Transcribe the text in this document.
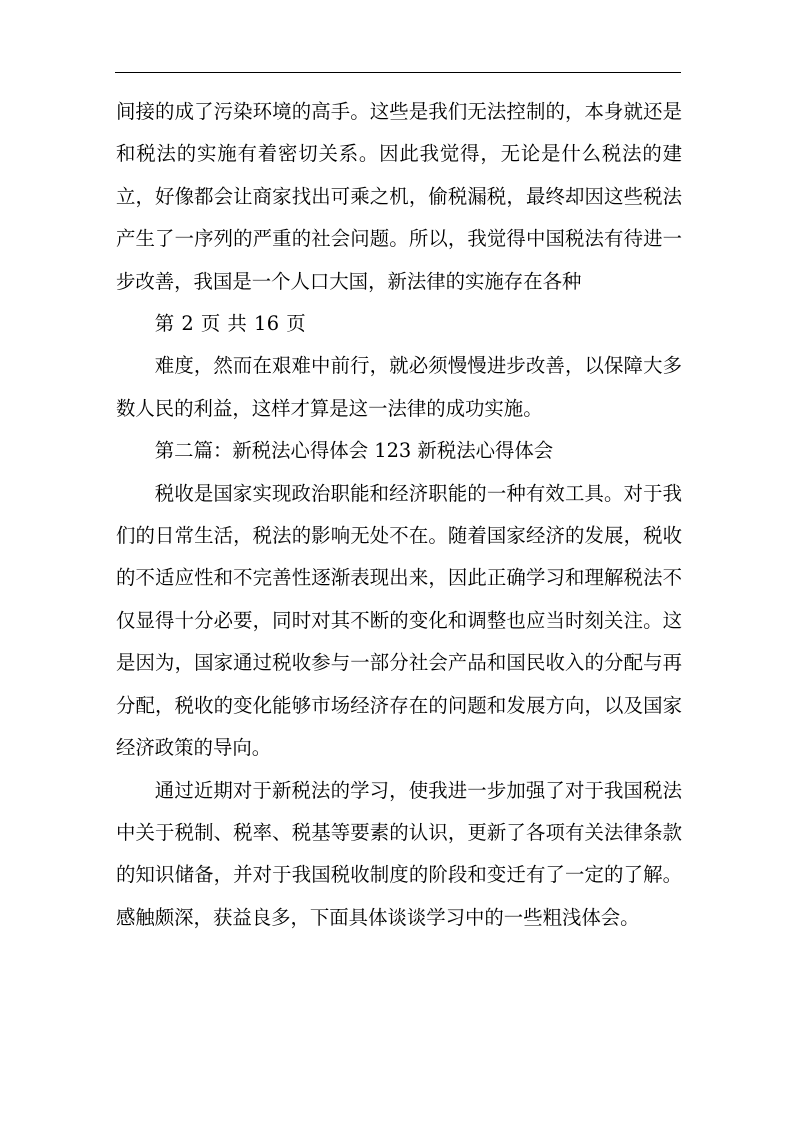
间接的成了污染环境的高手。这些是我们无法控制的，本身就还是和税法的实施有着密切关系。因此我觉得，无论是什么税法的建立，好像都会让商家找出可乘之机，偷税漏税，最终却因这些税法产生了一序列的严重的社会问题。所以，我觉得中国税法有待进一步改善，我国是一个人口大国，新法律的实施存在各种

第 2 页 共 16 页

难度，然而在艰难中前行，就必须慢慢进步改善，以保障大多数人民的利益，这样才算是这一法律的成功实施。

第二篇：新税法心得体会 123 新税法心得体会

税收是国家实现政治职能和经济职能的一种有效工具。对于我们的日常生活，税法的影响无处不在。随着国家经济的发展，税收的不适应性和不完善性逐渐表现出来，因此正确学习和理解税法不仅显得十分必要，同时对其不断的变化和调整也应当时刻关注。这是因为，国家通过税收参与一部分社会产品和国民收入的分配与再分配，税收的变化能够市场经济存在的问题和发展方向，以及国家经济政策的导向。

通过近期对于新税法的学习，使我进一步加强了对于我国税法中关于税制、税率、税基等要素的认识，更新了各项有关法律条款的知识储备，并对于我国税收制度的阶段和变迁有了一定的了解。感触颇深，获益良多，下面具体谈谈学习中的一些粗浅体会。
